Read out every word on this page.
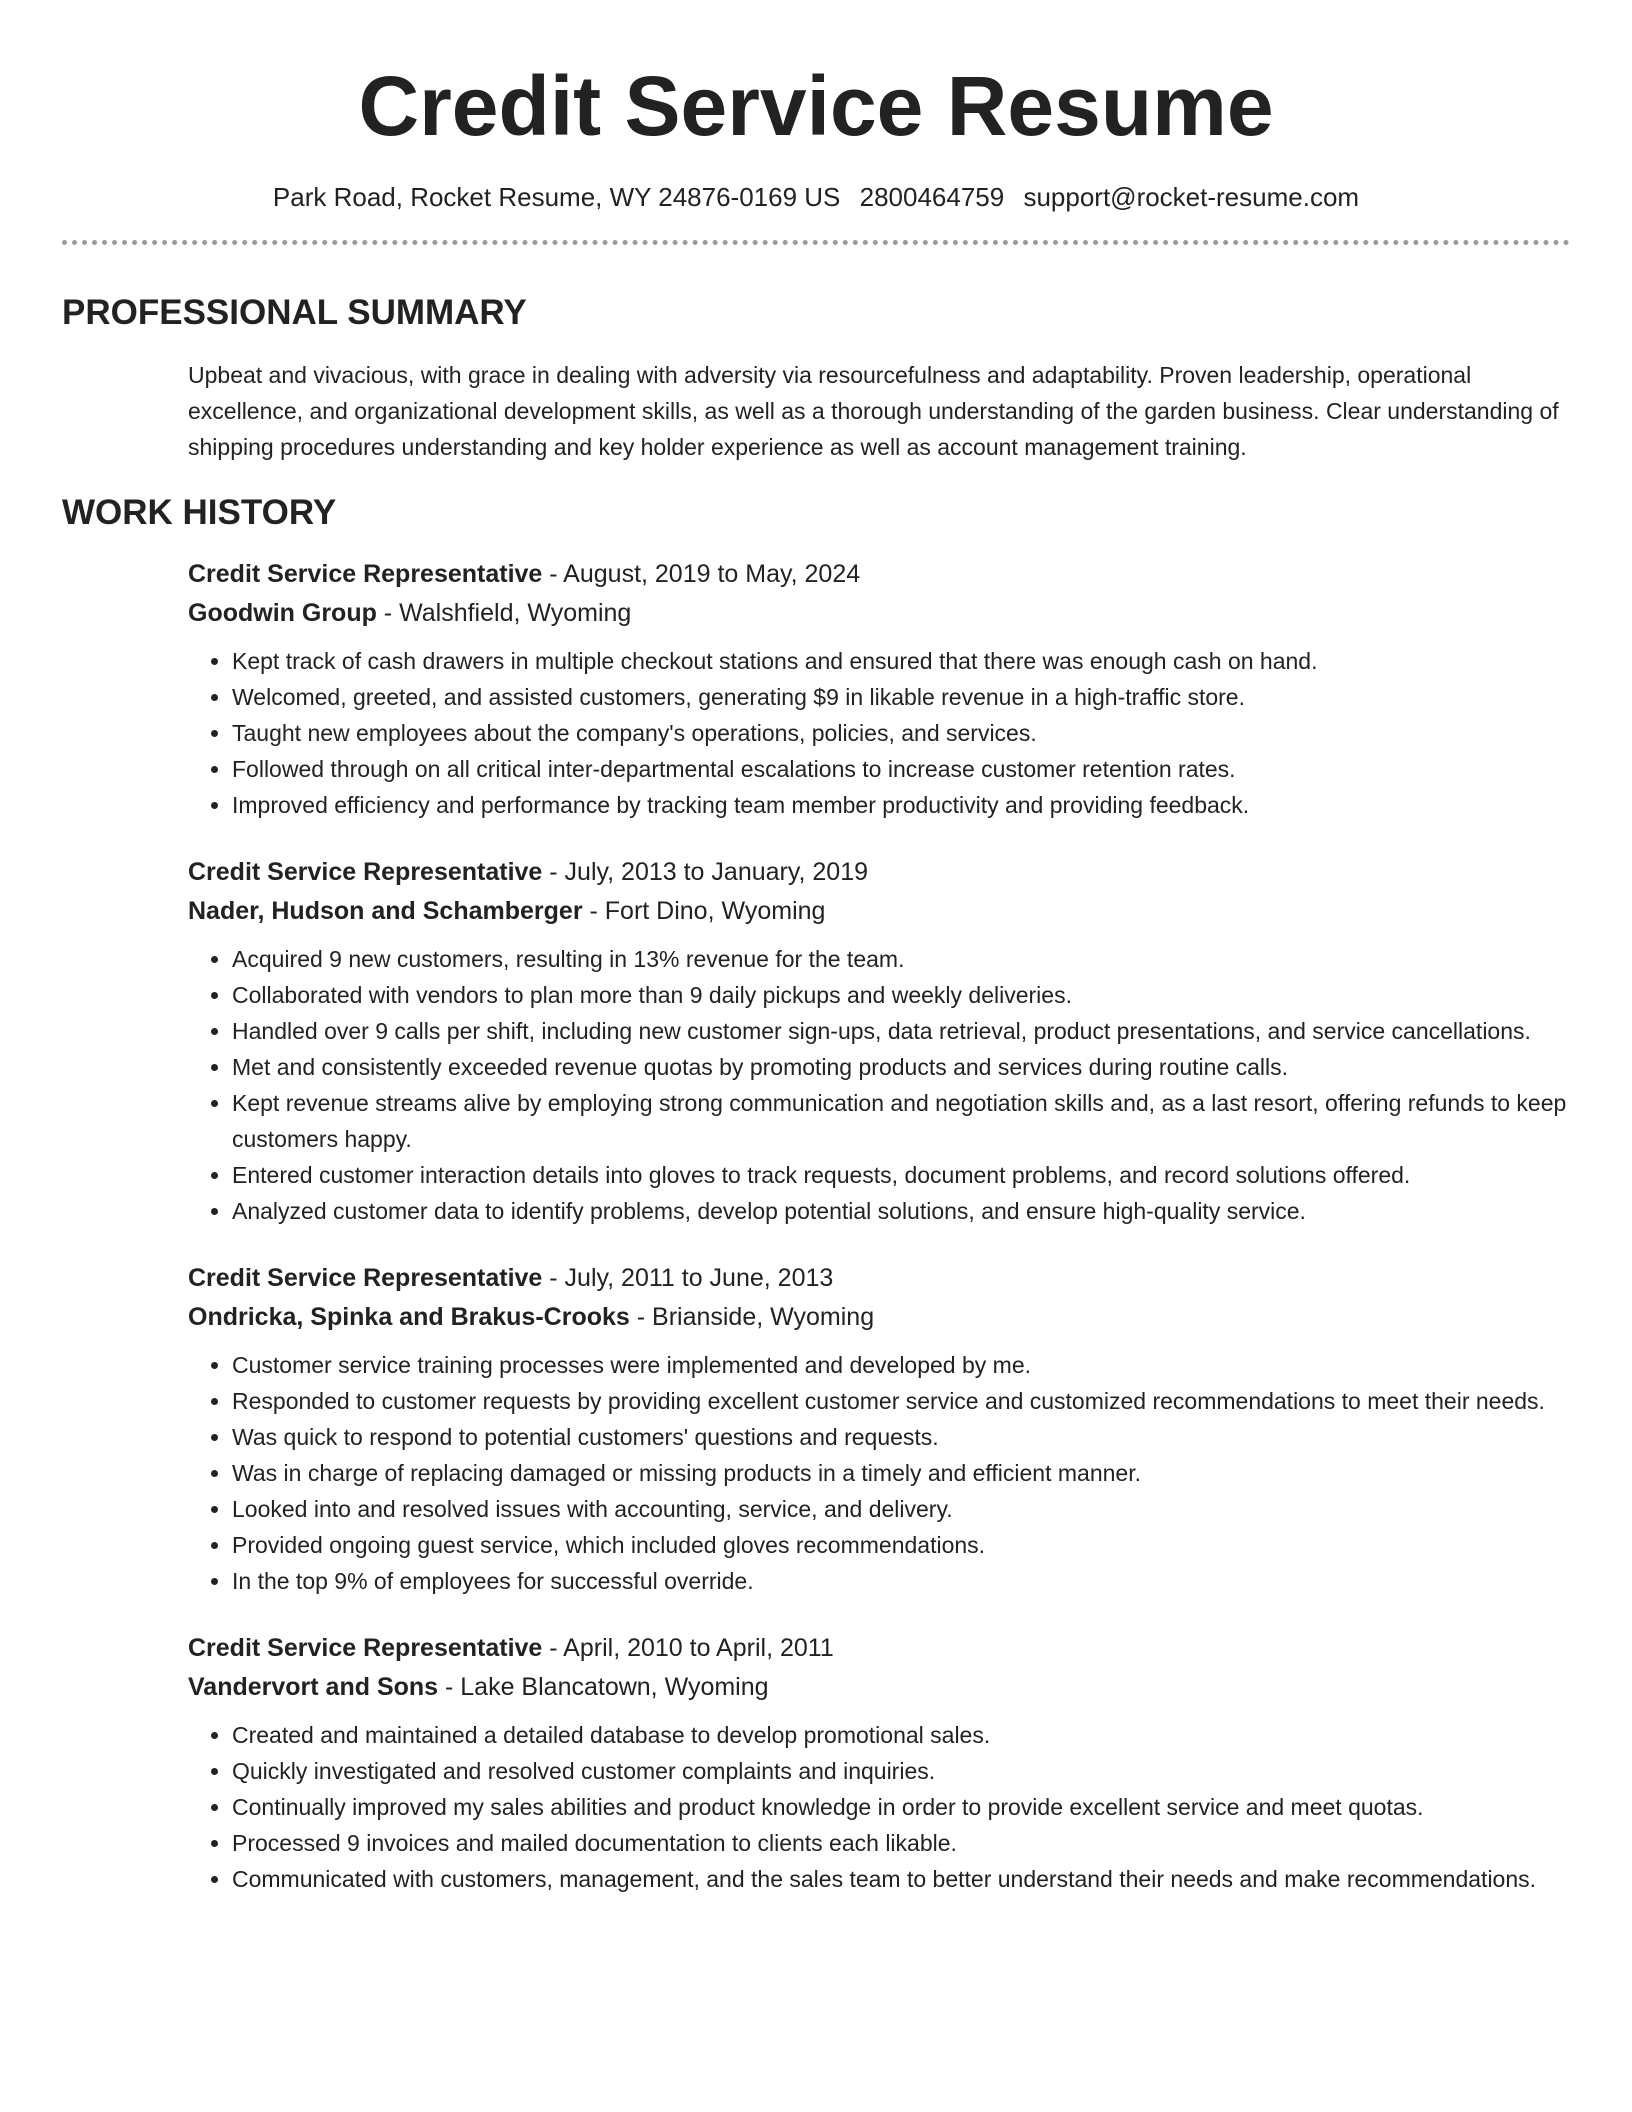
Credit Service Resume
Park Road, Rocket Resume, WY 24876-0169 US 2800464759 support@rocket-resume.com
PROFESSIONAL SUMMARY
Upbeat and vivacious, with grace in dealing with adversity via resourcefulness and adaptability. Proven leadership, operational excellence, and organizational development skills, as well as a thorough understanding of the garden business. Clear understanding of shipping procedures understanding and key holder experience as well as account management training.
WORK HISTORY
Credit Service Representative - August, 2019 to May, 2024
Goodwin Group - Walshfield, Wyoming
• Kept track of cash drawers in multiple checkout stations and ensured that there was enough cash on hand.
• Welcomed, greeted, and assisted customers, generating $9 in likable revenue in a high-traffic store.
• Taught new employees about the company's operations, policies, and services.
• Followed through on all critical inter-departmental escalations to increase customer retention rates.
• Improved efficiency and performance by tracking team member productivity and providing feedback.
Credit Service Representative - July, 2013 to January, 2019
Nader, Hudson and Schamberger - Fort Dino, Wyoming
• Acquired 9 new customers, resulting in 13% revenue for the team.
• Collaborated with vendors to plan more than 9 daily pickups and weekly deliveries.
• Handled over 9 calls per shift, including new customer sign-ups, data retrieval, product presentations, and service cancellations.
• Met and consistently exceeded revenue quotas by promoting products and services during routine calls.
• Kept revenue streams alive by employing strong communication and negotiation skills and, as a last resort, offering refunds to keep customers happy.
• Entered customer interaction details into gloves to track requests, document problems, and record solutions offered.
• Analyzed customer data to identify problems, develop potential solutions, and ensure high-quality service.
Credit Service Representative - July, 2011 to June, 2013
Ondricka, Spinka and Brakus-Crooks - Brianside, Wyoming
• Customer service training processes were implemented and developed by me.
• Responded to customer requests by providing excellent customer service and customized recommendations to meet their needs.
• Was quick to respond to potential customers' questions and requests.
• Was in charge of replacing damaged or missing products in a timely and efficient manner.
• Looked into and resolved issues with accounting, service, and delivery.
• Provided ongoing guest service, which included gloves recommendations.
• In the top 9% of employees for successful override.
Credit Service Representative - April, 2010 to April, 2011
Vandervort and Sons - Lake Blancatown, Wyoming
• Created and maintained a detailed database to develop promotional sales.
• Quickly investigated and resolved customer complaints and inquiries.
• Continually improved my sales abilities and product knowledge in order to provide excellent service and meet quotas.
• Processed 9 invoices and mailed documentation to clients each likable.
• Communicated with customers, management, and the sales team to better understand their needs and make recommendations.
